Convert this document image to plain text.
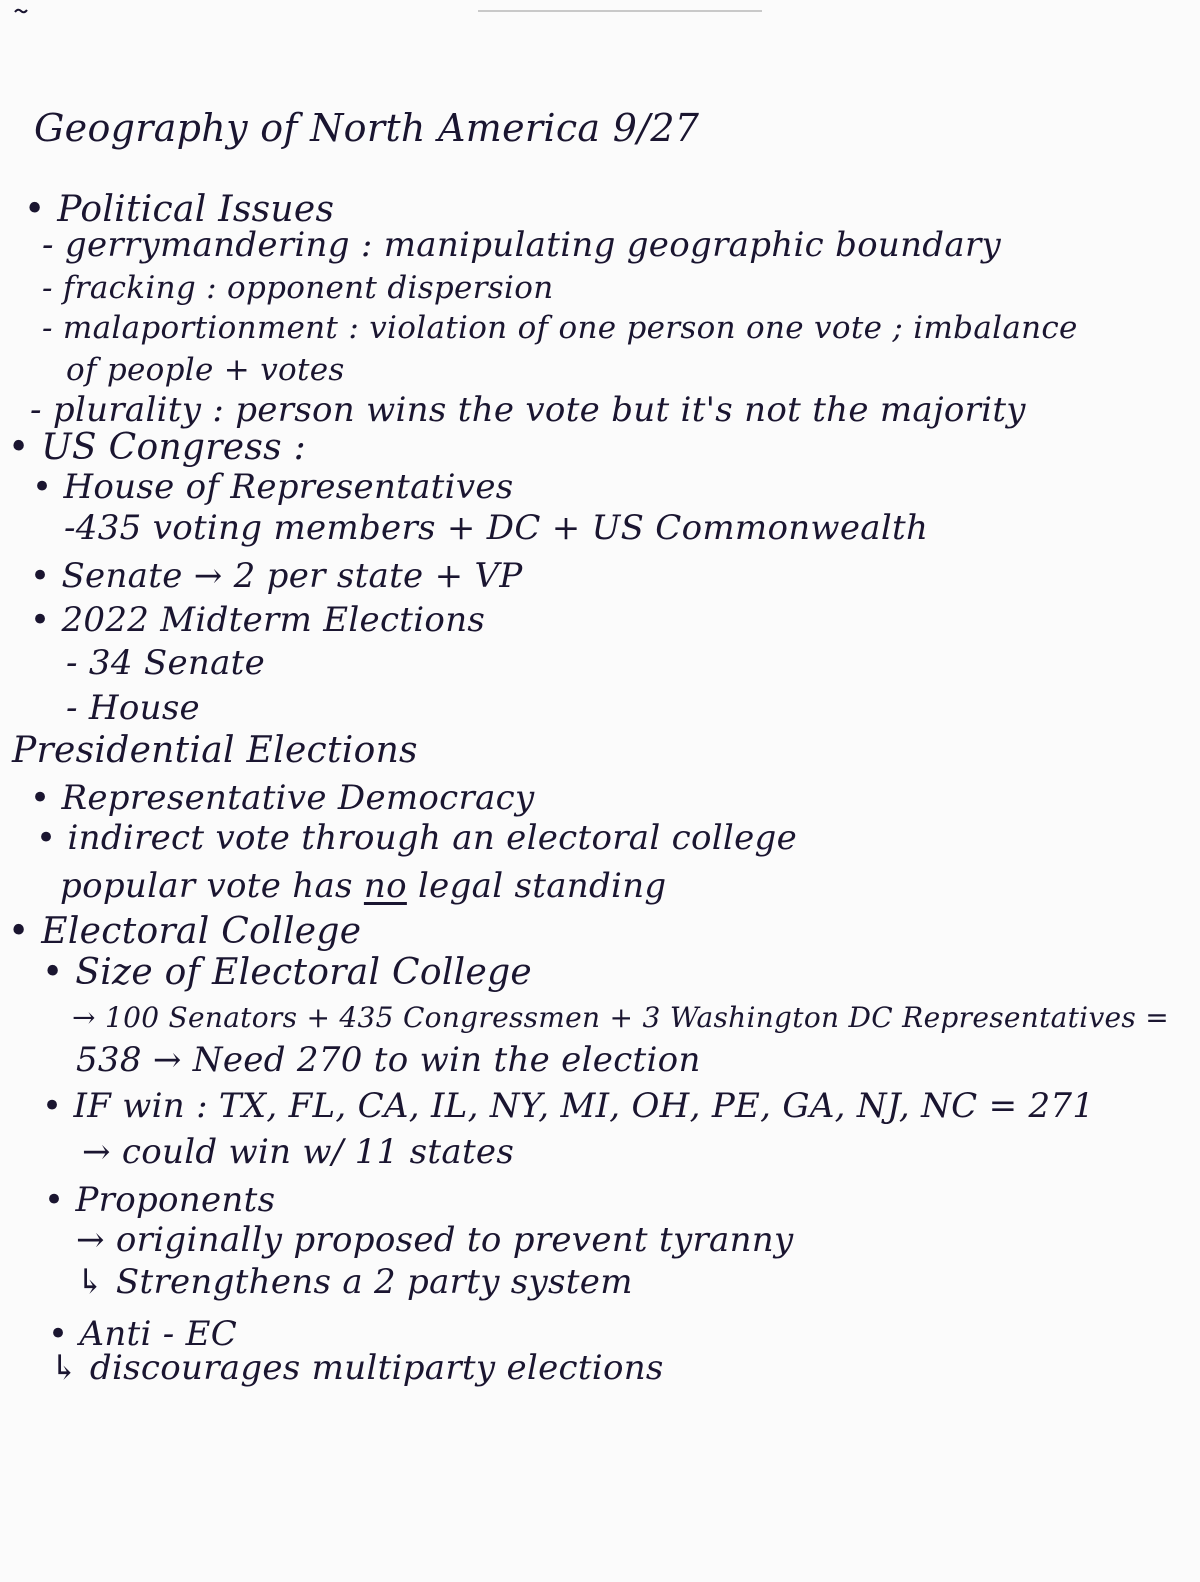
Geography of North America 9/27
• Political Issues
- gerrymandering : manipulating geographic boundary
- fracking : opponent dispersion
- malaportionment : violation of one person one vote ; imbalance
of people + votes
- plurality : person wins the vote but it's not the majority
• US Congress :
• House of Representatives
-435 voting members + DC + US Commonwealth
• Senate → 2 per state + VP
• 2022 Midterm Elections
- 34 Senate
- House
Presidential Elections
• Representative Democracy
• indirect vote through an electoral college
popular vote has no legal standing
• Electoral College
• Size of Electoral College
→ 100 Senators + 435 Congressmen + 3 Washington DC Representatives =
538 → Need 270 to win the election
• IF win : TX, FL, CA, IL, NY, MI, OH, PE, GA, NJ, NC = 271
→ could win w/ 11 states
• Proponents
→ originally proposed to prevent tyranny
↳ Strengthens a 2 party system
• Anti - EC
↳ discourages multiparty elections
